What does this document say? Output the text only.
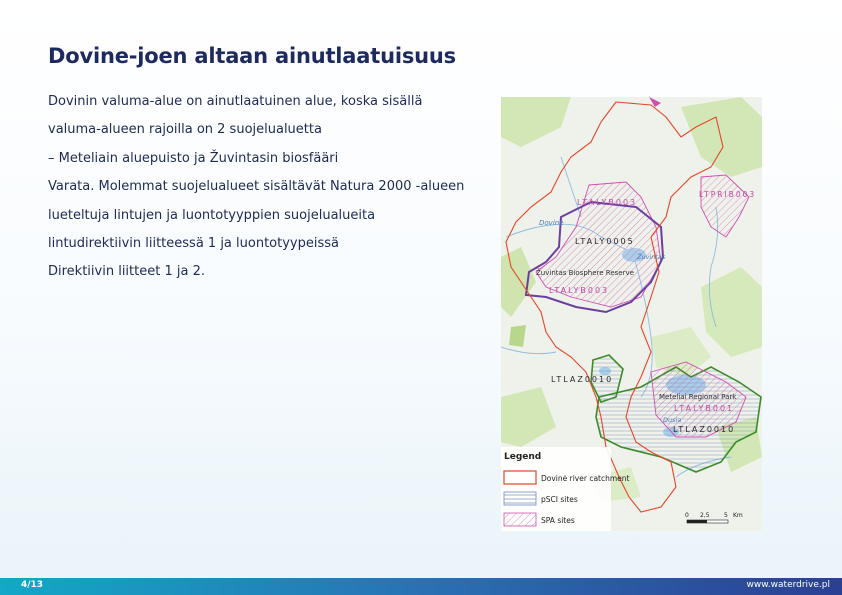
Dovine-joen altaan ainutlaatuisuus
Dovinin valuma-alue on ainutlaatuinen alue, koska sisällä
valuma-alueen rajoilla on 2 suojelualuetta
– Meteliain aluepuisto ja Žuvintasin biosfääri
Varata. Molemmat suojelualueet sisältävät Natura 2000 -alueen
lueteltuja lintujen ja luontotyyppien suojelualueita
lintudirektiivin liitteessä 1 ja luontotyypeissä
Direktiivin liitteet 1 ja 2.
LTALYB003
LTPRIB003
Dovinė
LTALY0005
Žuvintas
Žuvintas Biosphere Reserve
LTALYB003
LTLAZ0010
Meteliai Regional Park
LTALYB001
Dusia
LTLAZ0010
Legend
Dovinė river catchment
pSCI sites
SPA sites
0 2,5 5 Km
4/13	www.waterdrive.pl
